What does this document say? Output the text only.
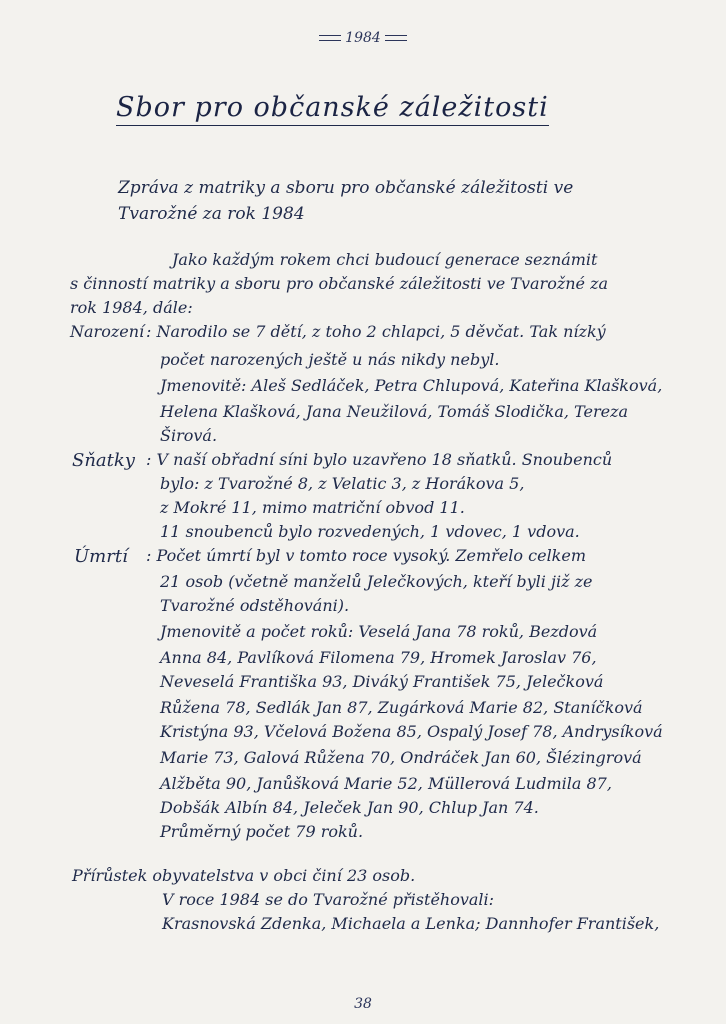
1984
Sbor pro občanské záležitosti
Zpráva z matriky a sboru pro občanské záležitosti ve
Tvarožné za rok 1984
Jako každým rokem chci budoucí generace seznámit
s činností matriky a sboru pro občanské záležitosti ve Tvarožné za
rok 1984, dále:
Narození : Narodilo se 7 dětí, z toho 2 chlapci, 5 děvčat. Tak nízký
počet narozených ještě u nás nikdy nebyl.
Jmenovitě: Aleš Sedláček, Petra Chlupová, Kateřina Klašková,
Helena Klašková, Jana Neužilová, Tomáš Slodička, Tereza
Širová.
Sňatky : V naší obřadní síni bylo uzavřeno 18 sňatků. Snoubenců
bylo: z Tvarožné 8, z Velatic 3, z Horákova 5,
z Mokré 11, mimo matriční obvod 11.
11 snoubenců bylo rozvedených, 1 vdovec, 1 vdova.
Úmrtí : Počet úmrtí byl v tomto roce vysoký. Zemřelo celkem
21 osob (včetně manželů Jelečkových, kteří byli již ze
Tvarožné odstěhováni).
Jmenovitě a počet roků: Veselá Jana 78 roků, Bezdová
Anna 84, Pavlíková Filomena 79, Hromek Jaroslav 76,
Neveselá Františka 93, Diváký František 75, Jelečková
Růžena 78, Sedlák Jan 87, Zugárková Marie 82, Staníčková
Kristýna 93, Včelová Božena 85, Ospalý Josef 78, Andrysíková
Marie 73, Galová Růžena 70, Ondráček Jan 60, Šlézingrová
Alžběta 90, Janůšková Marie 52, Müllerová Ludmila 87,
Dobšák Albín 84, Jeleček Jan 90, Chlup Jan 74.
Průměrný počet 79 roků.
Přírůstek obyvatelstva v obci činí 23 osob.
V roce 1984 se do Tvarožné přistěhovali:
Krasnovská Zdenka, Michaela a Lenka; Dannhofer František,
38
